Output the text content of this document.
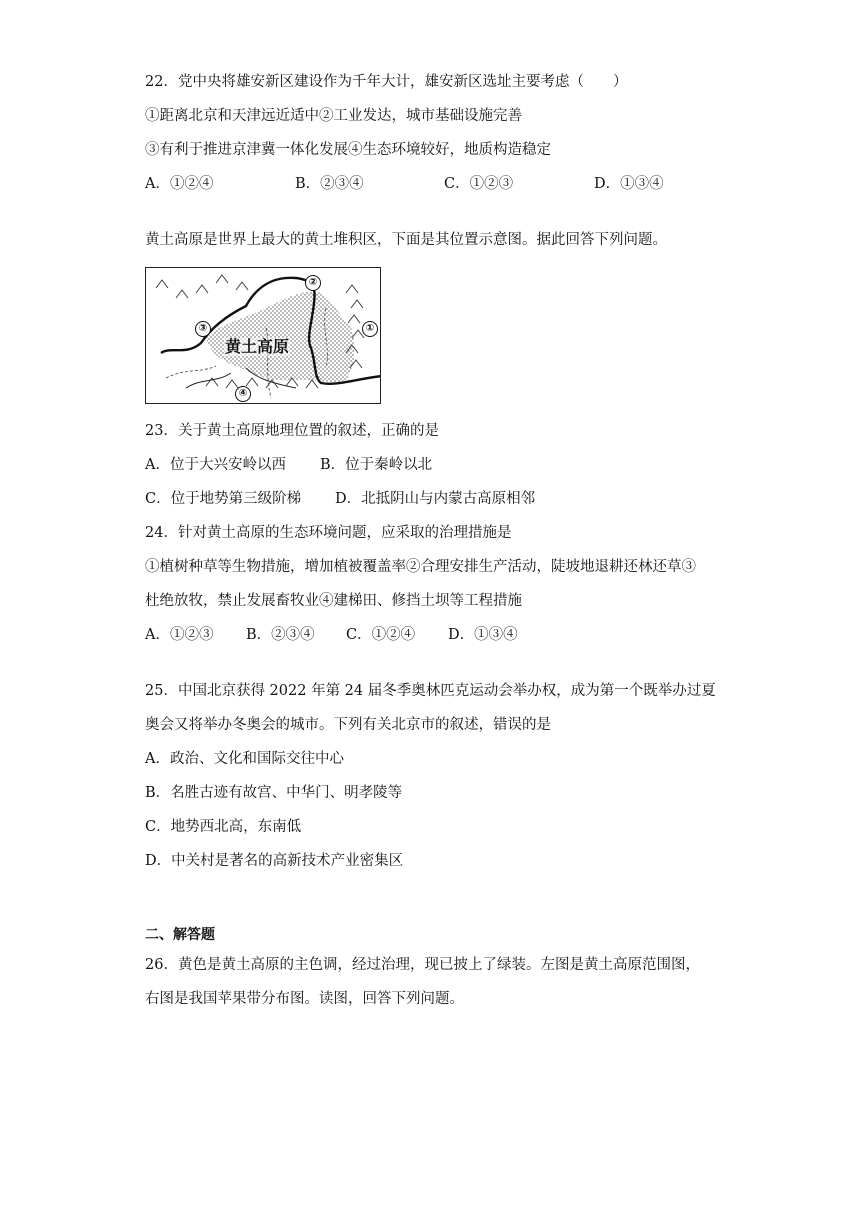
22．党中央将雄安新区建设作为千年大计，雄安新区选址主要考虑（　　）
①距离北京和天津远近适中②工业发达，城市基础设施完善
③有利于推进京津冀一体化发展④生态环境较好，地质构造稳定
A．①②④	B．②③④	C．①②③	D．①③④
黄土高原是世界上最大的黄土堆积区，下面是其位置示意图。据此回答下列问题。
黄土高原
②
③	①
④
23．关于黄土高原地理位置的叙述，正确的是
A．位于大兴安岭以西 B．位于秦岭以北
C．位于地势第三级阶梯 D．北抵阴山与内蒙古高原相邻
24．针对黄土高原的生态环境问题，应采取的治理措施是
①植树种草等生物措施，增加植被覆盖率②合理安排生产活动，陡坡地退耕还林还草③
杜绝放牧，禁止发展畜牧业④建梯田、修挡土坝等工程措施
A．①②③ B．②③④ C．①②④ D．①③④
25．中国北京获得 2022 年第 24 届冬季奥林匹克运动会举办权，成为第一个既举办过夏
奥会又将举办冬奥会的城市。下列有关北京市的叙述，错误的是
A．政治、文化和国际交往中心
B．名胜古迹有故宫、中华门、明孝陵等
C．地势西北高，东南低
D．中关村是著名的高新技术产业密集区
二、解答题
26．黄色是黄土高原的主色调，经过治理，现已披上了绿装。左图是黄土高原范围图，
右图是我国苹果带分布图。读图，回答下列问题。
